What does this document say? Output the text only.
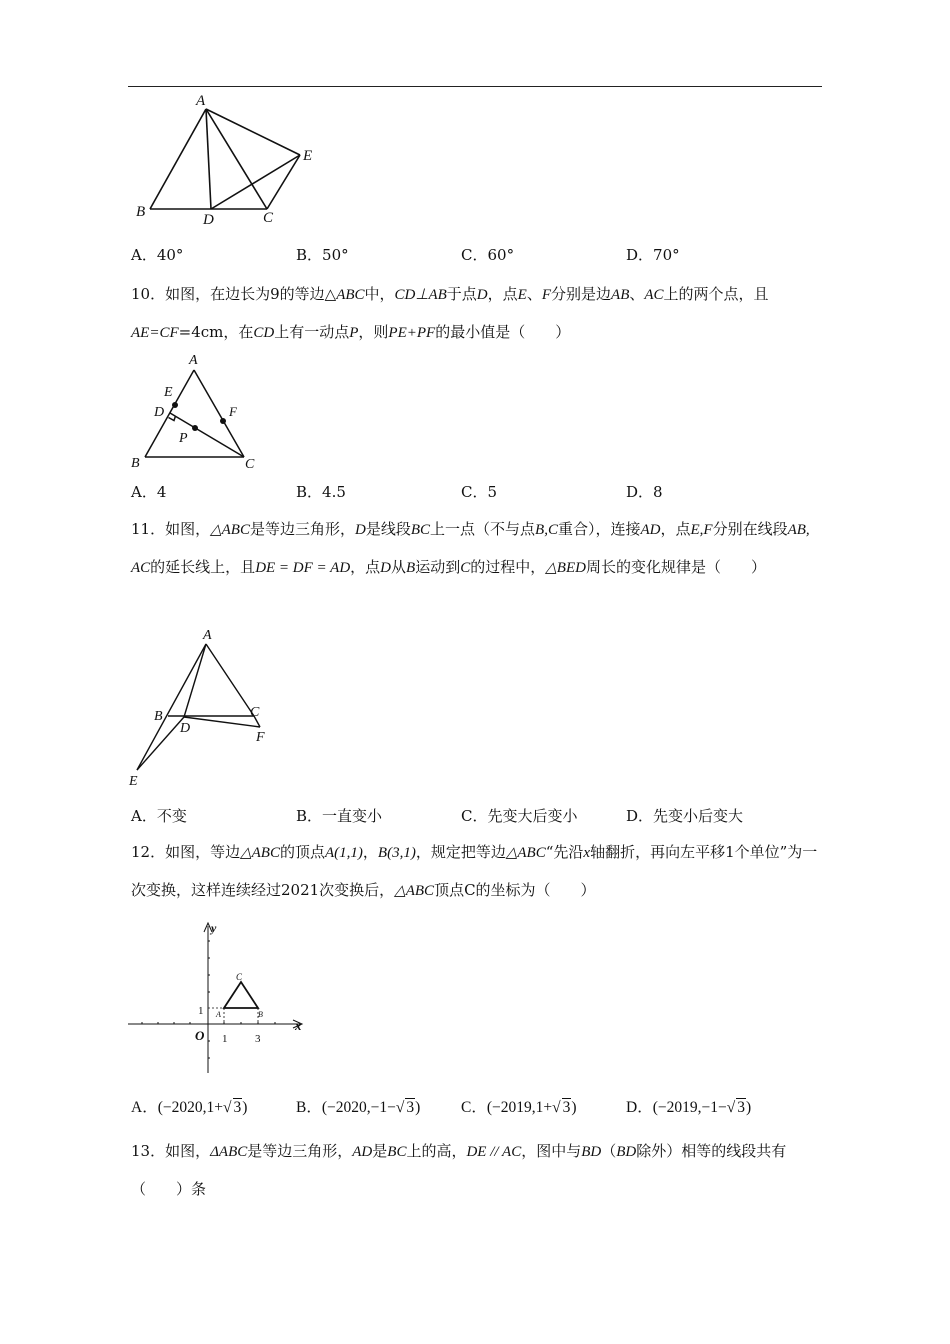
A
B	D	C
E
A．40°	B．50°	C．60°	D．70°
10．如图，在边长为9的等边△ABC中，CD⊥AB于点D，点E、F分别是边AB、AC上的两个点，且AE=CF=4cm，在CD上有一动点P，则PE+PF的最小值是（　　）
A
E
D	F
P
B	C
A．4	B．4.5	C．5	D．8
11．如图，△ABC是等边三角形，D是线段BC上一点（不与点B,C重合），连接AD，点E,F分别在线段AB, AC的延长线上，且DE = DF = AD，点D从B运动到C的过程中，△BED周长的变化规律是（　　）
A
B	C
D
F
E
A．不变	B．一直变小	C．先变大后变小	D．先变小后变大
12．如图，等边△ABC的顶点A(1,1)，B(3,1)，规定把等边△ABC“先沿x轴翻折，再向左平移1个单位”为一次变换，这样连续经过2021次变换后，△ABC顶点C的坐标为（　　）
y
x
O
1
1	3
A	B
C
A．(−2020,1+√ 3)	B．(−2020,−1−√ 3)	C．(−2019,1+√ 3)	D．(−2019,−1−√ 3)
13．如图，ΔABC是等边三角形，AD是BC上的高，DE // AC，图中与BD（BD除外）相等的线段共有（　　）条
